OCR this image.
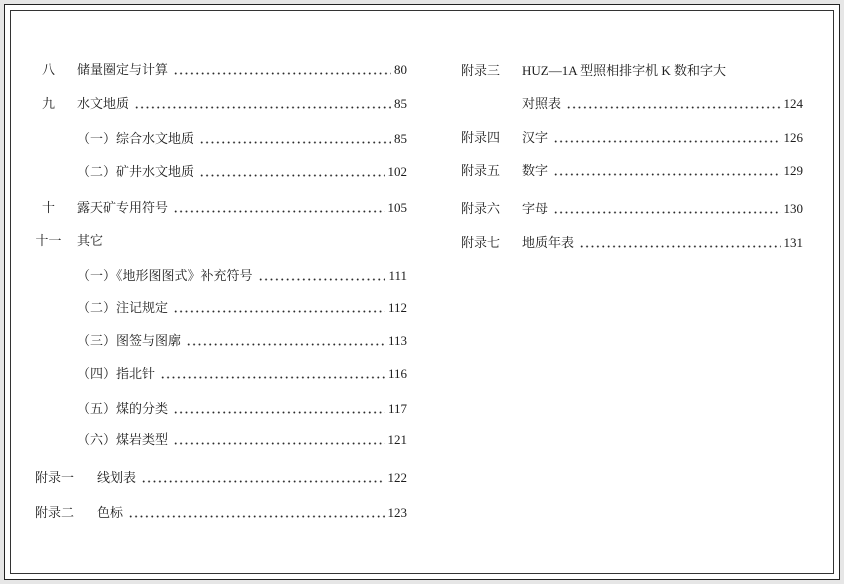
八	储量圈定与计算	80
九	水文地质	85
（一）综合水文地质	85
（二）矿井水文地质	102
十	露天矿专用符号	105
十一 其它
（一）《地形图图式》补充符号	111
（二）注记规定	112
（三）图签与图廓	113
（四）指北针	116
（五）煤的分类	117
（六）煤岩类型	121
附录一 线划表	122
附录二 色标	123
附录三 HUZ—1A 型照相排字机 K 数和字大
对照表	124
附录四 汉字	126
附录五 数字	129
附录六 字母	130
附录七 地质年表	131
